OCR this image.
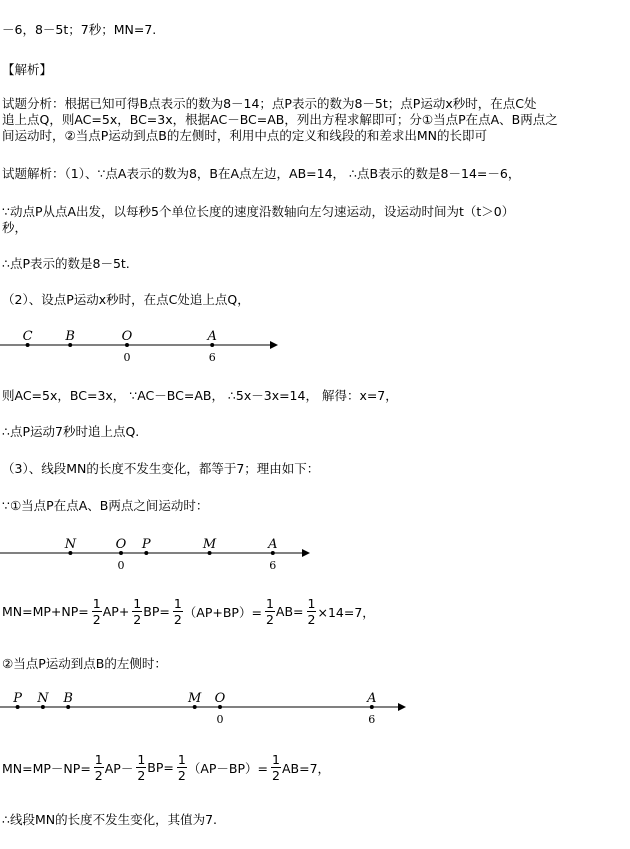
－6，8－5t；7秒；MN=7.
【解析】
试题分析：根据已知可得B点表示的数为8－14；点P表示的数为8－5t；点P运动x秒时，在点C处
追上点Q，则AC=5x，BC=3x，根据AC－BC=AB，列出方程求解即可；分①当点P在点A、B两点之
间运动时，②当点P运动到点B的左侧时，利用中点的定义和线段的和差求出MN的长即可
试题解析：（1）、∵点A表示的数为8，B在A点左边，AB=14， ∴点B表示的数是8－14=－6，
∵动点P从点A出发，以每秒5个单位长度的速度沿数轴向左匀速运动，设运动时间为t（t＞0）
秒，
∴点P表示的数是8－5t.
（2）、设点P运动x秒时，在点C处追上点Q，
C	B	O	A
0	6
则AC=5x，BC=3x， ∵AC－BC=AB， ∴5x－3x=14， 解得：x=7，
∴点P运动7秒时追上点Q.
（3）、线段MN的长度不发生变化，都等于7；理由如下：
∵①当点P在点A、B两点之间运动时：
N	O P	M	A
0	6
$MN=MP+NP= \frac{1}{2} AP+ \frac{1}{2} BP= \frac{1}{2} (AP+BP)= \frac{1}{2} AB= \frac{1}{2} \times 14=7$，
②当点P运动到点B的左侧时：
P N B	M O	A
0	6
$MN=MP-NP= \frac{1}{2} AP- \frac{1}{2} BP= \frac{1}{2} (AP-BP)= \frac{1}{2} AB=7$，
∴线段MN的长度不发生变化，其值为7.
